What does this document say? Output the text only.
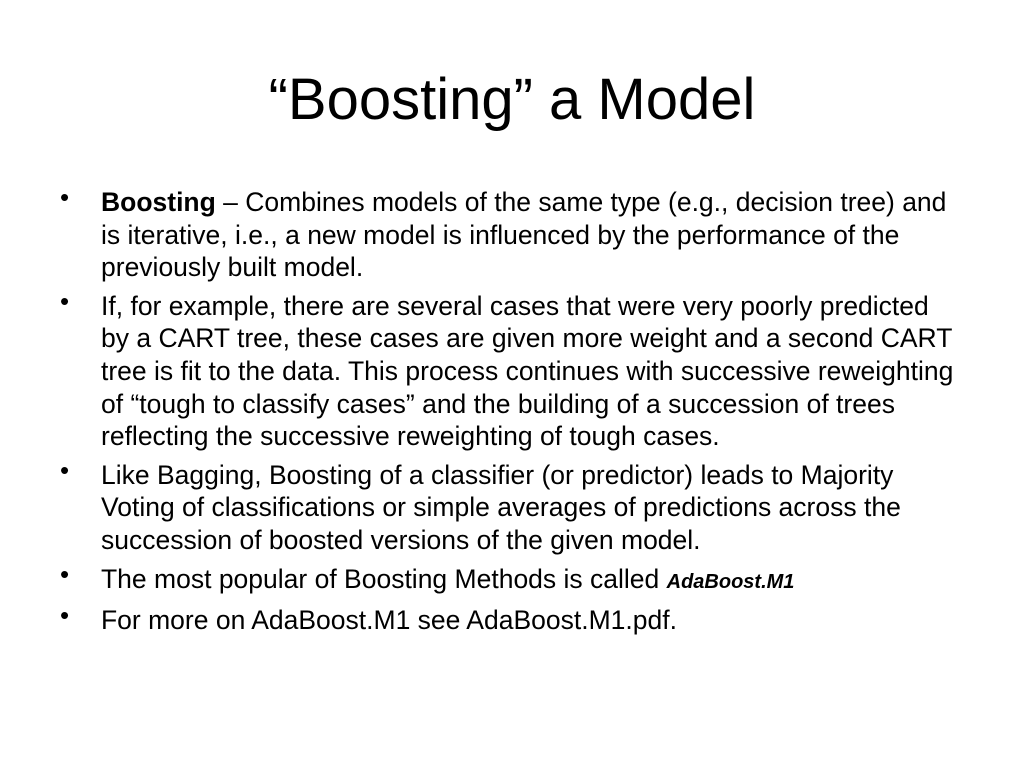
“Boosting” a Model
• Boosting – Combines models of the same type (e.g., decision tree) and is iterative, i.e., a new model is influenced by the performance of the previously built model.
• If, for example, there are several cases that were very poorly predicted by a CART tree, these cases are given more weight and a second CART tree is fit to the data. This process continues with successive reweighting of “tough to classify cases” and the building of a succession of trees reflecting the successive reweighting of tough cases.
• Like Bagging, Boosting of a classifier (or predictor) leads to Majority Voting of classifications or simple averages of predictions across the succession of boosted versions of the given model.
• The most popular of Boosting Methods is called AdaBoost.M1
• For more on AdaBoost.M1 see AdaBoost.M1.pdf.
